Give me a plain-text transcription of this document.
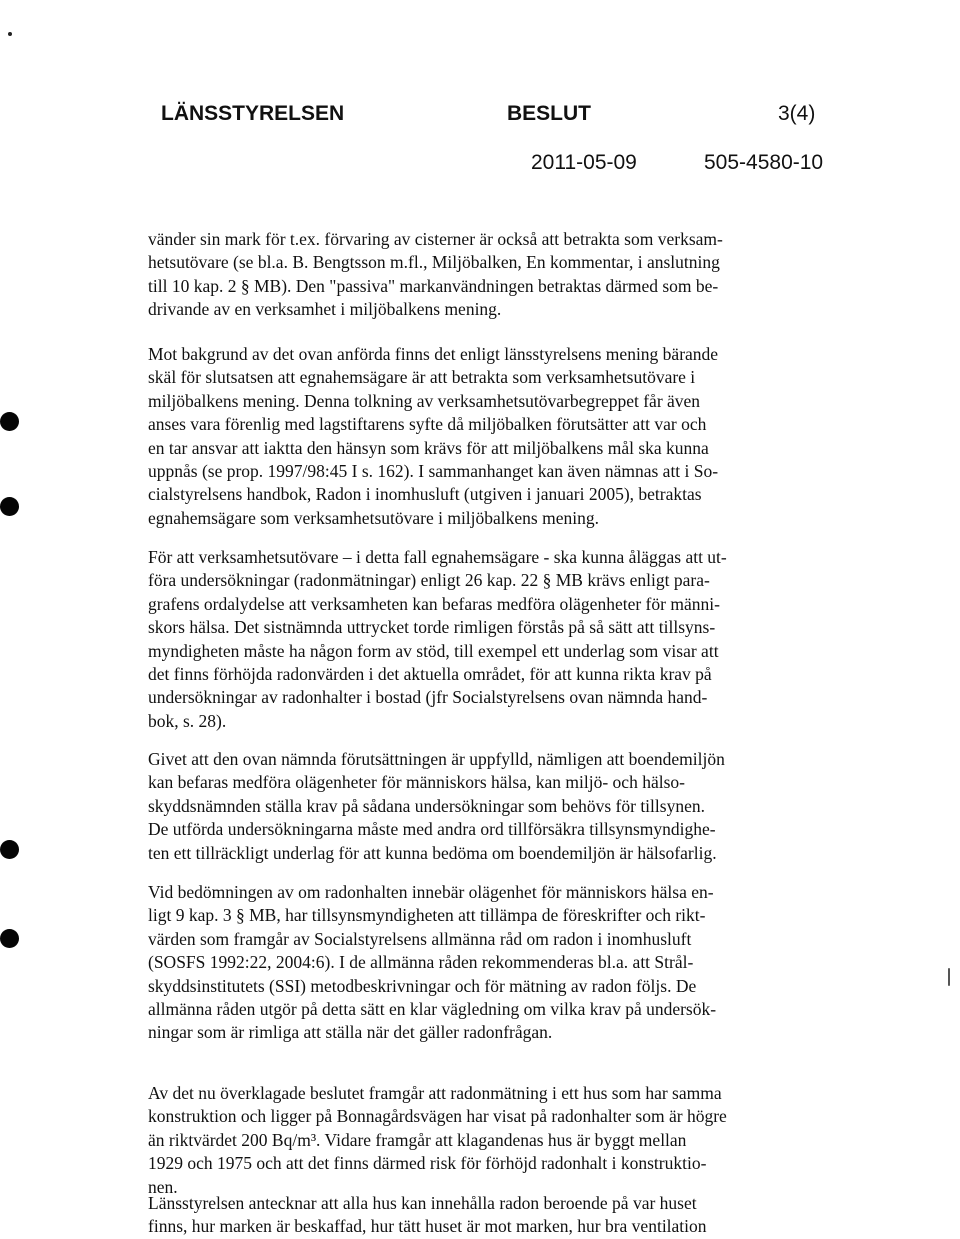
LÄNSSTYRELSEN	BESLUT	3(4)
2011-05-09	505-4580-10

vänder sin mark för t.ex. förvaring av cisterner är också att betrakta som verksam-
hetsutövare (se bl.a. B. Bengtsson m.fl., Miljöbalken, En kommentar, i anslutning
till 10 kap. 2 § MB). Den "passiva" markanvändningen betraktas därmed som be-
drivande av en verksamhet i miljöbalkens mening.

Mot bakgrund av det ovan anförda finns det enligt länsstyrelsens mening bärande
skäl för slutsatsen att egnahemsägare är att betrakta som verksamhetsutövare i
miljöbalkens mening. Denna tolkning av verksamhetsutövarbegreppet får även
anses vara förenlig med lagstiftarens syfte då miljöbalken förutsätter att var och
en tar ansvar att iaktta den hänsyn som krävs för att miljöbalkens mål ska kunna
uppnås (se prop. 1997/98:45 I s. 162). I sammanhanget kan även nämnas att i So-
cialstyrelsens handbok, Radon i inomhusluft (utgiven i januari 2005), betraktas
egnahemsägare som verksamhetsutövare i miljöbalkens mening.

För att verksamhetsutövare – i detta fall egnahemsägare - ska kunna åläggas att ut-
föra undersökningar (radonmätningar) enligt 26 kap. 22 § MB krävs enligt para-
grafens ordalydelse att verksamheten kan befaras medföra olägenheter för männi-
skors hälsa. Det sistnämnda uttrycket torde rimligen förstås på så sätt att tillsyns-
myndigheten måste ha någon form av stöd, till exempel ett underlag som visar att
det finns förhöjda radonvärden i det aktuella området, för att kunna rikta krav på
undersökningar av radonhalter i bostad (jfr Socialstyrelsens ovan nämnda hand-
bok, s. 28).

Givet att den ovan nämnda förutsättningen är uppfylld, nämligen att boendemiljön
kan befaras medföra olägenheter för människors hälsa, kan miljö- och hälso-
skyddsnämnden ställa krav på sådana undersökningar som behövs för tillsynen.
De utförda undersökningarna måste med andra ord tillförsäkra tillsynsmyndighe-
ten ett tillräckligt underlag för att kunna bedöma om boendemiljön är hälsofarlig.

Vid bedömningen av om radonhalten innebär olägenhet för människors hälsa en-
ligt 9 kap. 3 § MB, har tillsynsmyndigheten att tillämpa de föreskrifter och rikt-
värden som framgår av Socialstyrelsens allmänna råd om radon i inomhusluft
(SOSFS 1992:22, 2004:6). I de allmänna råden rekommenderas bl.a. att Strål-
skyddsinstitutets (SSI) metodbeskrivningar och för mätning av radon följs. De
allmänna råden utgör på detta sätt en klar vägledning om vilka krav på undersök-
ningar som är rimliga att ställa när det gäller radonfrågan.

Av det nu överklagade beslutet framgår att radonmätning i ett hus som har samma
konstruktion och ligger på Bonnagårdsvägen har visat på radonhalter som är högre
än riktvärdet 200 Bq/m³. Vidare framgår att klagandenas hus är byggt mellan
1929 och 1975 och att det finns därmed risk för förhöjd radonhalt i konstruktio-
nen.

Länsstyrelsen antecknar att alla hus kan innehålla radon beroende på var huset
finns, hur marken är beskaffad, hur tätt huset är mot marken, hur bra ventilation
